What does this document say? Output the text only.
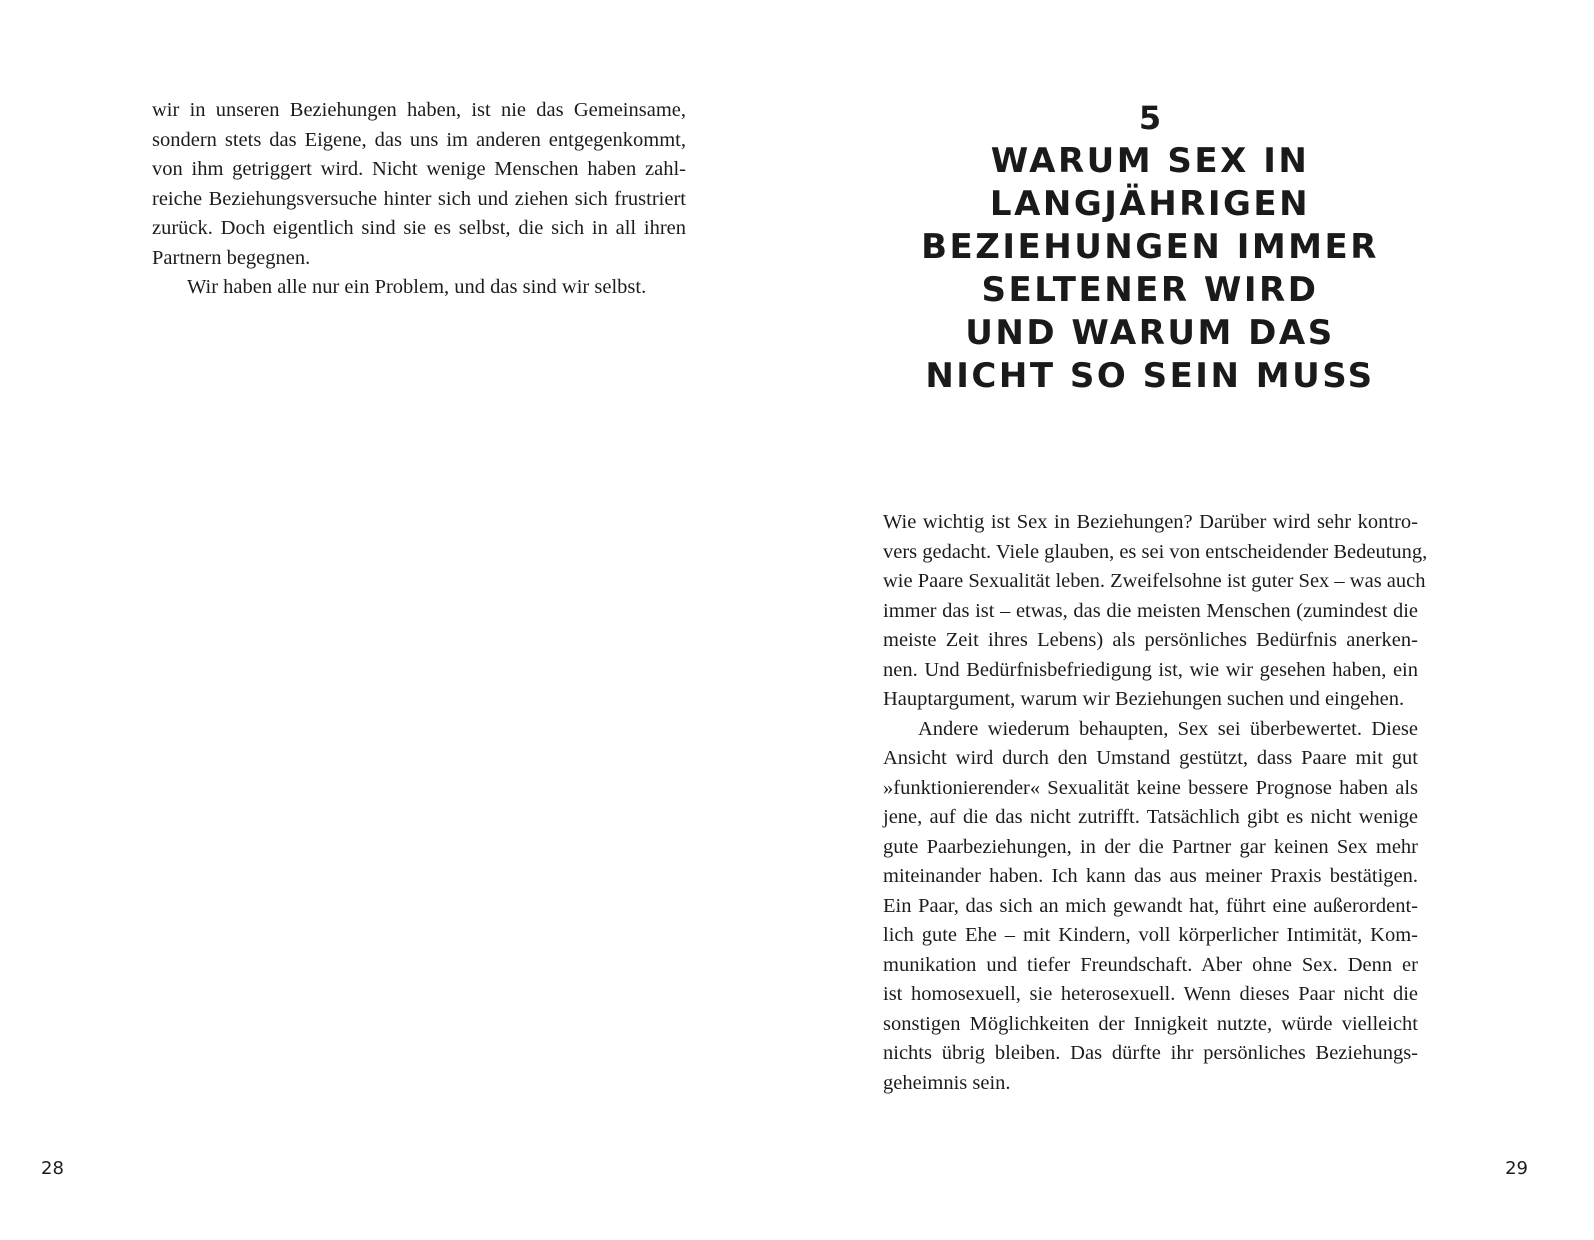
wir in unseren Beziehungen haben, ist nie das Gemeinsame,
sondern stets das Eigene, das uns im anderen entgegenkommt,
von ihm getriggert wird. Nicht wenige Menschen haben zahl-
reiche Beziehungsversuche hinter sich und ziehen sich frustriert
zurück. Doch eigentlich sind sie es selbst, die sich in all ihren
Partnern begegnen.
Wir haben alle nur ein Problem, und das sind wir selbst.
28
5
WARUM SEX IN
LANGJÄHRIGEN
BEZIEHUNGEN IMMER
SELTENER WIRD
UND WARUM DAS
NICHT SO SEIN MUSS
Wie wichtig ist Sex in Beziehungen? Darüber wird sehr kontro-
vers gedacht. Viele glauben, es sei von entscheidender Bedeutung,
wie Paare Sexualität leben. Zweifelsohne ist guter Sex – was auch
immer das ist – etwas, das die meisten Menschen (zumindest die
meiste Zeit ihres Lebens) als persönliches Bedürfnis anerken-
nen. Und Bedürfnisbefriedigung ist, wie wir gesehen haben, ein
Hauptargument, warum wir Beziehungen suchen und eingehen.
Andere wiederum behaupten, Sex sei überbewertet. Diese
Ansicht wird durch den Umstand gestützt, dass Paare mit gut
»funktionierender« Sexualität keine bessere Prognose haben als
jene, auf die das nicht zutrifft. Tatsächlich gibt es nicht wenige
gute Paarbeziehungen, in der die Partner gar keinen Sex mehr
miteinander haben. Ich kann das aus meiner Praxis bestätigen.
Ein Paar, das sich an mich gewandt hat, führt eine außerordent-
lich gute Ehe – mit Kindern, voll körperlicher Intimität, Kom-
munikation und tiefer Freundschaft. Aber ohne Sex. Denn er
ist homosexuell, sie heterosexuell. Wenn dieses Paar nicht die
sonstigen Möglichkeiten der Innigkeit nutzte, würde vielleicht
nichts übrig bleiben. Das dürfte ihr persönliches Beziehungs-
geheimnis sein.
29
